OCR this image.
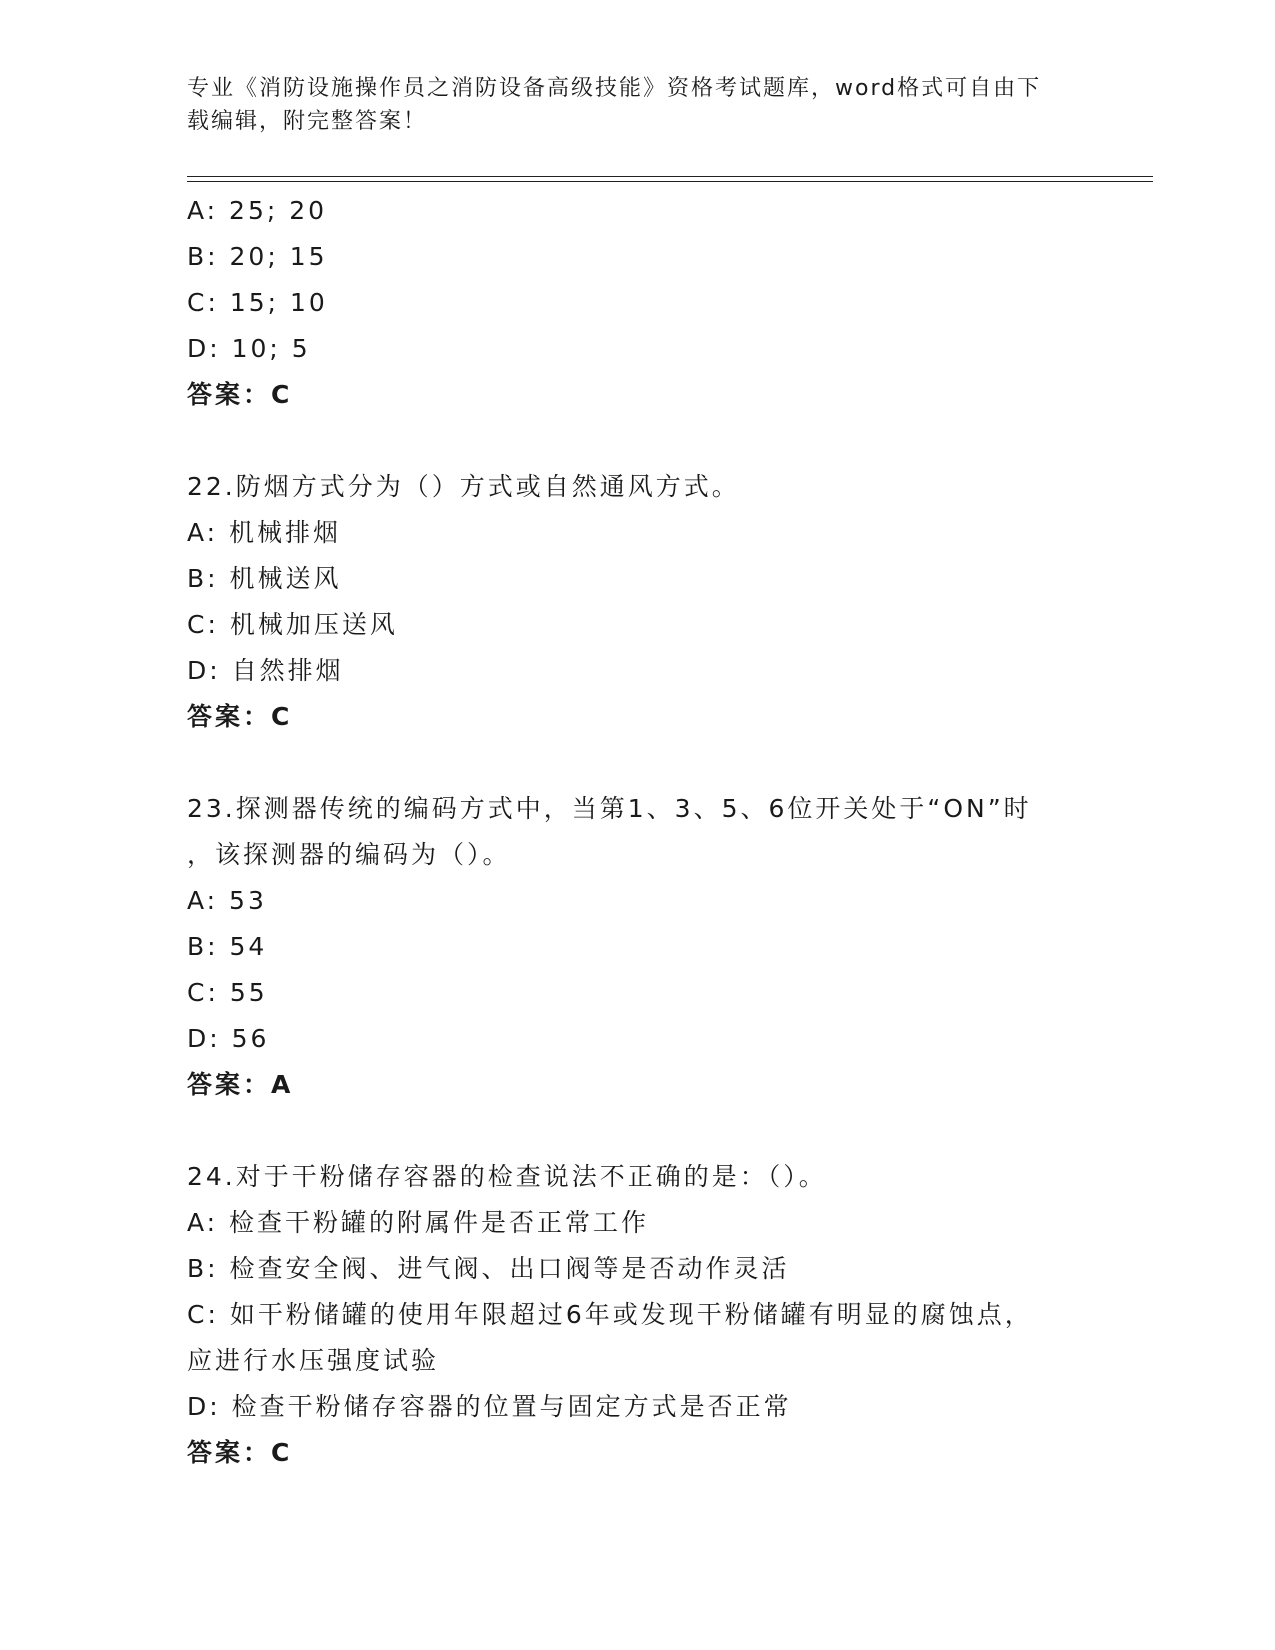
专业《消防设施操作员之消防设备高级技能》资格考试题库，word格式可自由下
载编辑，附完整答案！
A: 25; 20
B: 20; 15
C: 15; 10
D: 10; 5
答案：C
22.防烟方式分为（）方式或自然通风方式。
A: 机械排烟
B: 机械送风
C: 机械加压送风
D: 自然排烟
答案：C
23.探测器传统的编码方式中，当第1、3、5、6位开关处于“ON”时
，该探测器的编码为（）。
A: 53
B: 54
C: 55
D: 56
答案：A
24.对于干粉储存容器的检查说法不正确的是：（）。
A: 检查干粉罐的附属件是否正常工作
B: 检查安全阀、进气阀、出口阀等是否动作灵活
C: 如干粉储罐的使用年限超过6年或发现干粉储罐有明显的腐蚀点，
应进行水压强度试验
D: 检查干粉储存容器的位置与固定方式是否正常
答案：C
